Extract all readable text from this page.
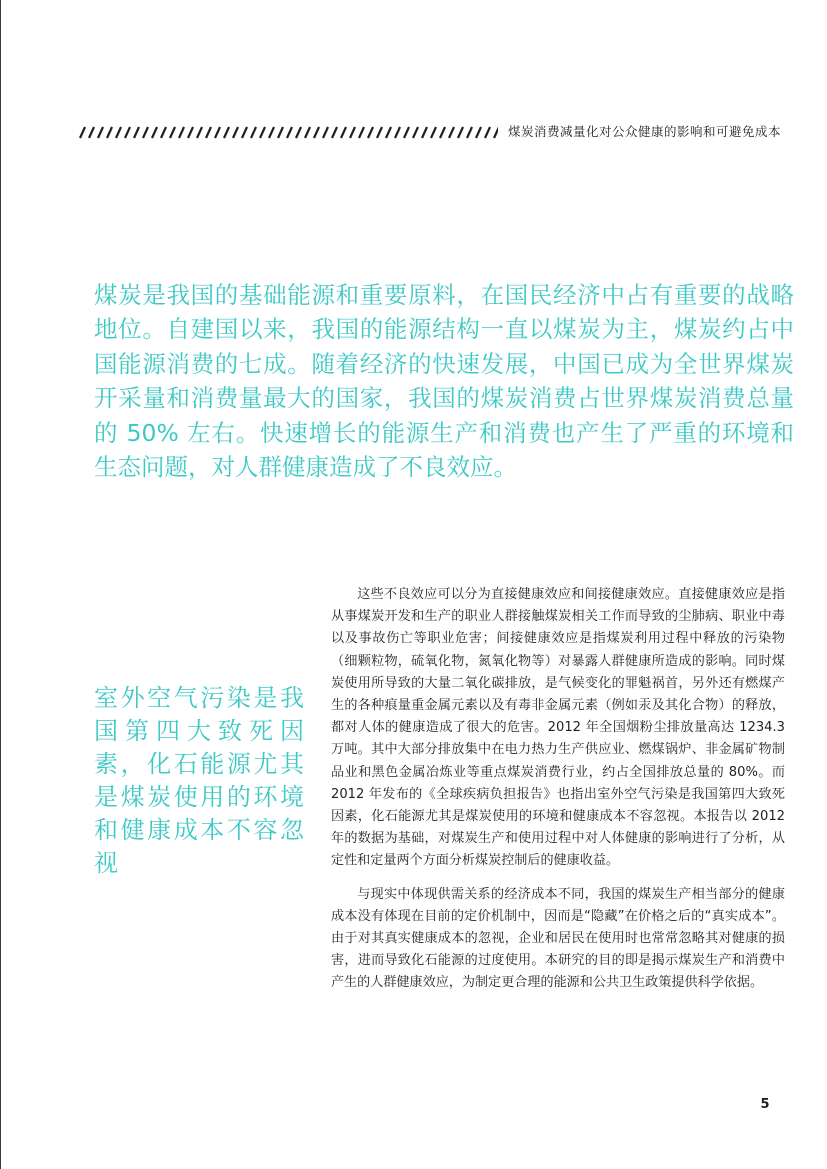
煤炭消费减量化对公众健康的影响和可避免成本

煤炭是我国的基础能源和重要原料，在国民经济中占有重要的战略地位。自建国以来，我国的能源结构一直以煤炭为主，煤炭约占中国能源消费的七成。随着经济的快速发展，中国已成为全世界煤炭开采量和消费量最大的国家，我国的煤炭消费占世界煤炭消费总量的 50% 左右。快速增长的能源生产和消费也产生了严重的环境和生态问题，对人群健康造成了不良效应。

室外空气污染是我国第四大致死因素，化石能源尤其是煤炭使用的环境和健康成本不容忽视

这些不良效应可以分为直接健康效应和间接健康效应。直接健康效应是指从事煤炭开发和生产的职业人群接触煤炭相关工作而导致的尘肺病、职业中毒以及事故伤亡等职业危害；间接健康效应是指煤炭利用过程中释放的污染物（细颗粒物，硫氧化物，氮氧化物等）对暴露人群健康所造成的影响。同时煤炭使用所导致的大量二氧化碳排放，是气候变化的罪魁祸首，另外还有燃煤产生的各种痕量重金属元素以及有毒非金属元素（例如汞及其化合物）的释放，都对人体的健康造成了很大的危害。2012 年全国烟粉尘排放量高达 1234.3 万吨。其中大部分排放集中在电力热力生产供应业、燃煤锅炉、非金属矿物制品业和黑色金属冶炼业等重点煤炭消费行业，约占全国排放总量的 80%。而 2012 年发布的《全球疾病负担报告》也指出室外空气污染是我国第四大致死因素，化石能源尤其是煤炭使用的环境和健康成本不容忽视。本报告以 2012 年的数据为基础，对煤炭生产和使用过程中对人体健康的影响进行了分析，从定性和定量两个方面分析煤炭控制后的健康收益。

与现实中体现供需关系的经济成本不同，我国的煤炭生产相当部分的健康成本没有体现在目前的定价机制中，因而是“隐藏”在价格之后的“真实成本”。由于对其真实健康成本的忽视，企业和居民在使用时也常常忽略其对健康的损害，进而导致化石能源的过度使用。本研究的目的即是揭示煤炭生产和消费中产生的人群健康效应，为制定更合理的能源和公共卫生政策提供科学依据。

5
